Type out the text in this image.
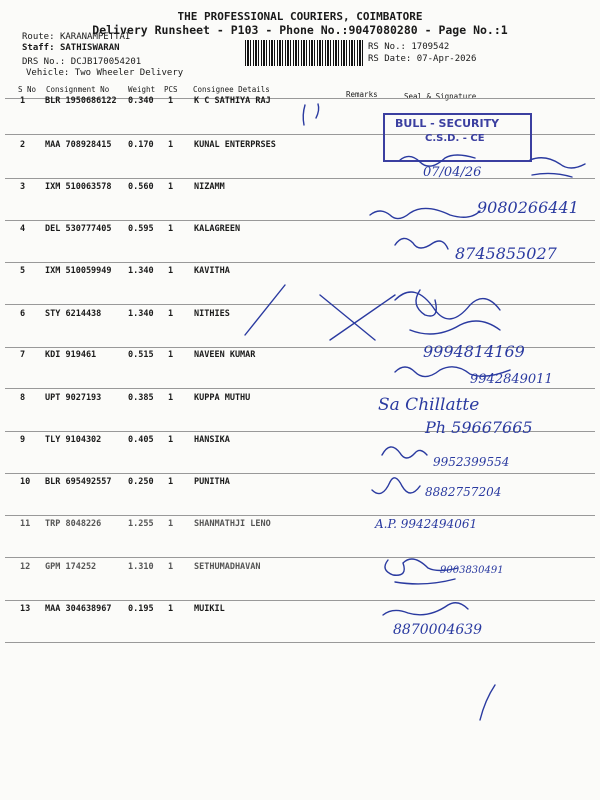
THE PROFESSIONAL COURIERS, COIMBATORE
Delivery Runsheet - P103 - Phone No.:9047080280 - Page No.:1
Route: KARANAMPETTAI
Staff: SATHISWARAN
DRS No.: DCJB170054201
Vehicle: Two Wheeler Delivery
RS No.: 1709542
RS Date: 07-Apr-2026
S No Consignment No	Weight PCS Consignee Details
Remarks	Seal & Signature
1 BLR 1950686122 0.340 1 K C SATHIYA RAJ
2 MAA 708928415 0.170 1 KUNAL ENTERPRSES
3 IXM 510063578 0.560 1 NIZAMM
4 DEL 530777405 0.595 1 KALAGREEN
5 IXM 510059949 1.340 1 KAVITHA
6 STY 6214438	1.340 1 NITHIES
7 KDI 919461	0.515 1 NAVEEN KUMAR
8 UPT 9027193	0.385 1 KUPPA MUTHU
9 TLY 9104302	0.405 1 HANSIKA
10 BLR 695492557 0.250 1 PUNITHA
11 TRP 8048226	1.255 1 SHANMATHJI LENO
12 GPM 174252	1.310 1 SETHUMADHAVAN
13 MAA 304638967 0.195 1 MUIKIL
BULL - SECURITY
C.S.D. - CE
07/04/26
9080266441
8745855027
9994814169
9942849011
Sa Chillatte
Ph 59667665
9952399554
8882757204
A.P. 9942494061
9003830491
8870004639
